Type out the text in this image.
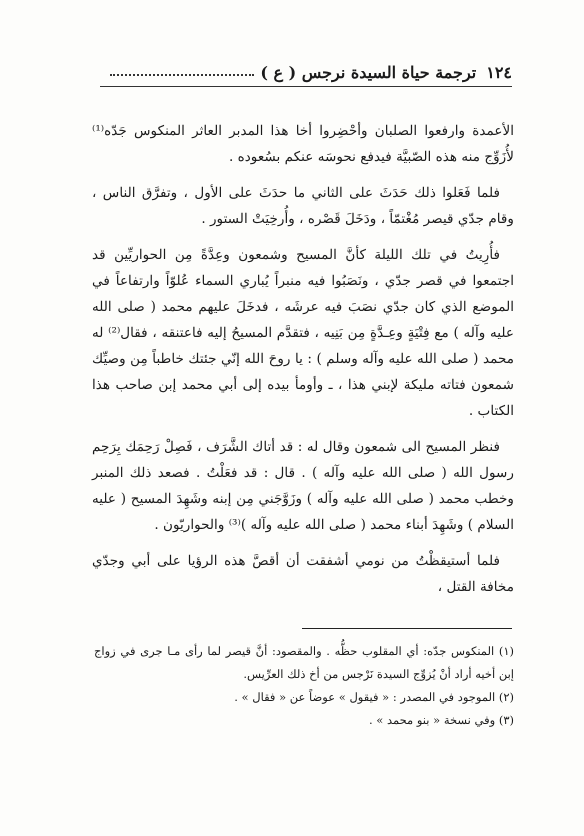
١٢٤
ترجمة حياة السيدة نرجس ( ع )

الأعمدة وارفعوا الصلبان وأحْضِروا أخا هذا المدبر العاثر المنكوس جَدّه⁽¹⁾ لأُزَوِّج منه هذه الصّبيَّة فيدفع نحوسَه عنكم بسُعوده .

فلما فَعَلوا ذلك حَدَثَ على الثاني ما حدَثَ على الأول ، وتفرَّق الناس ، وقام جدّي قيصر مُغْتمّاً ، ودَخَلَ قَصْره ، وأُرخِيَتْ الستور .

فأُرِيتُ في تلك الليلة كأنَّ المسيح وشمعون وعِدَّةً مِن الحواريِّين قد اجتمعوا في قصر جدّي ، ونَصَبُوا فيه منبراً يُباري السماء عُلوّاً وارتفاعاً في الموضع الذي كان جدّي نصَبَ فيه عرشَه ، فدخَلَ عليهم محمد ( صلى الله عليه وآله ) مع فِتْيَةٍ وعِـدَّةٍ مِن بَنِيه ، فتقدَّم المسيحُ إليه فاعتنقه ، فقال⁽²⁾ له محمد ( صلى الله عليه وآله وسلم ) : يا روحَ الله إنّي جئتك خاطباً مِن وصيِّك شمعون فتاته مليكة لإبني هذا ، ـ وأومأ بيده إلى أبي محمد إبن صاحب هذا الكتاب .

فنظر المسيح الى شمعون وقال له : قد أتاك الشَّرَف ، فَصِلْ رَحِمَك بِرَحِم رسول الله ( صلى الله عليه وآله ) . قال : قد فعَلْتُ . فصعد ذلك المنبر وخطب محمد ( صلى الله عليه وآله ) وزَوَّجَني مِن إبنه وشَهِدَ المسيح ( عليه السلام ) وشَهِدَ أبناء محمد ( صلى الله عليه وآله )⁽³⁾ والحواريّون .

فلما أستيقظْتُ من نومي أشفقت أن أقصَّ هذه الرؤيا على أبي وجدّي مخافة القتل ،

(١) المنكوس جدّه: أي المقلوب حظُّه . والمقصود: أنَّ قيصر لما رأى مـا جرى في زواج إبن أخيه أراد أنْ يُزوِّج السيدة نَرْجس من أخ ذلك العرِّيس.

(٢) الموجود في المصدر : « فيقول » عوضاً عن « فقال » .

(٣) وفي نسخة « بنو محمد » .
